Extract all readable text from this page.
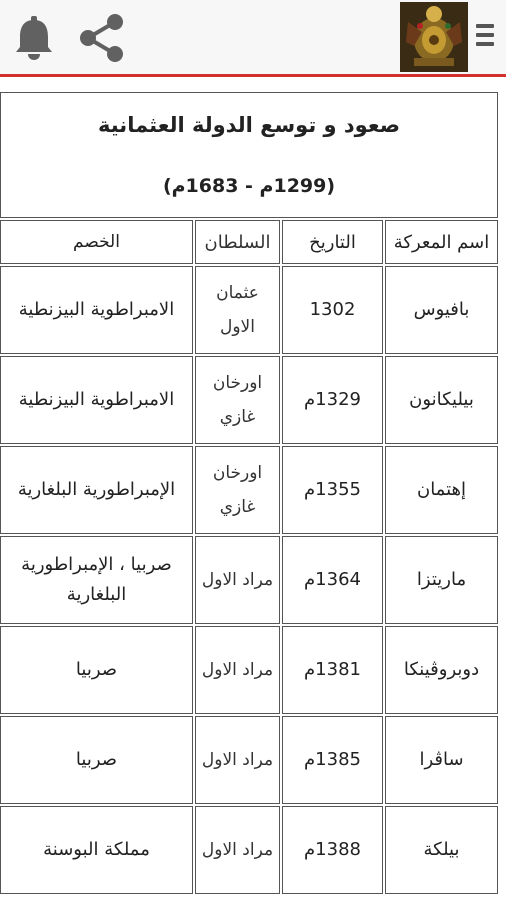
صعود و توسع الدولة العثمانية
(1299م - 1683م)			

اسم المعركة	التاريخ	السلطان	الخصم
بافيوس	1302	عثمان الاول	الامبراطوية البيزنطية
بيليكانون	1329م	اورخان غازي	الامبراطوية البيزنطية
إهتمان	1355م	اورخان غازي	الإمبراطورية البلغارية
ماريتزا	1364م	مراد الاول	صربيا ، الإمبراطورية البلغارية
دوبروڤينكا	1381م	مراد الاول	صربيا
ساڤرا	1385م	مراد الاول	صربيا
بيلكة	1388م	مراد الاول	مملكة البوسنة
